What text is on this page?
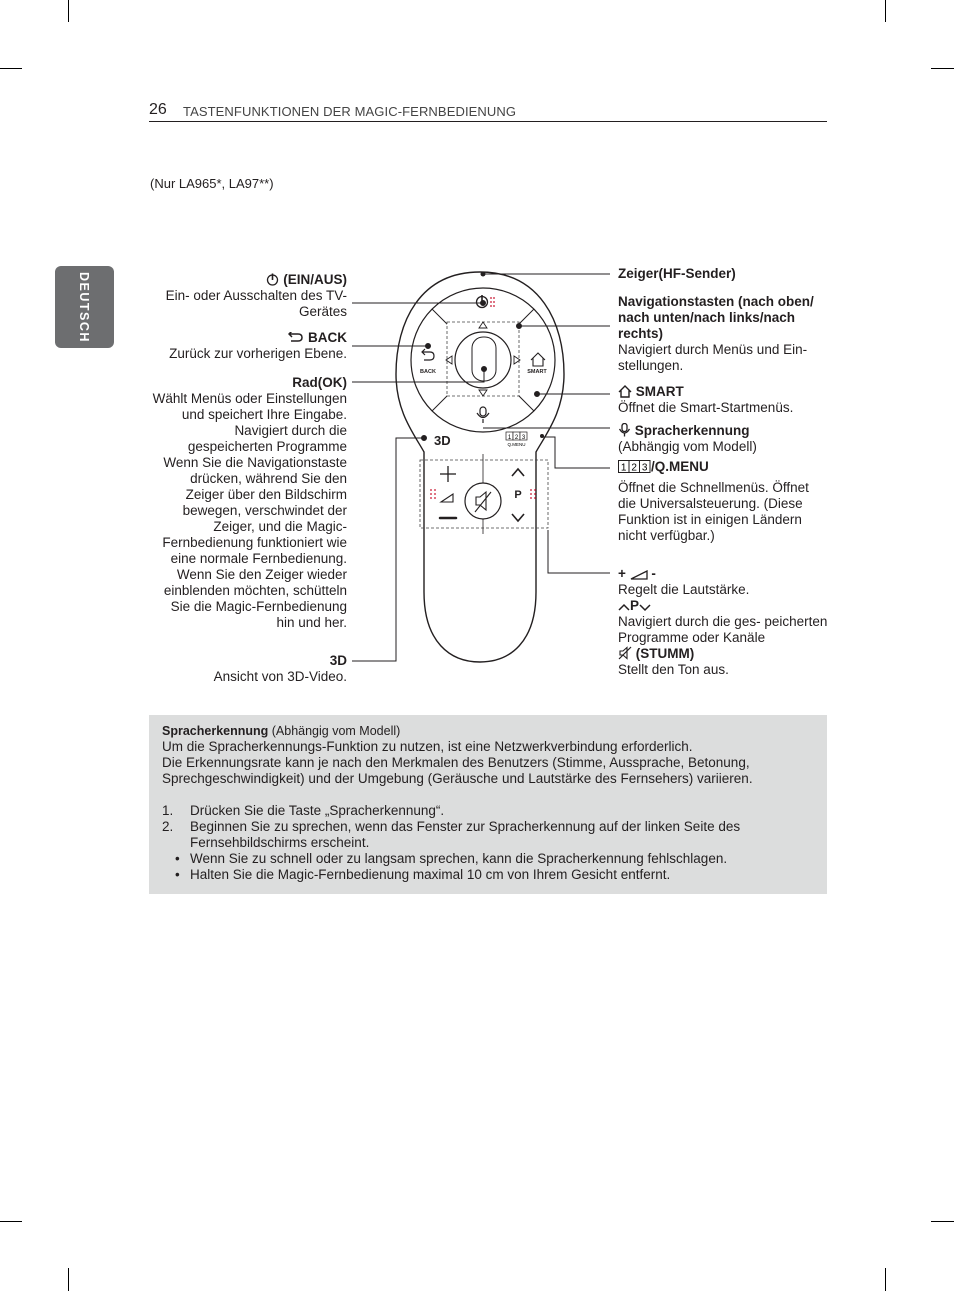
26 TASTENFUNKTIONEN DER MAGIC-FERNBEDIENUNG
DEUTSCH
(Nur LA965*, LA97**)
BACK	SMART
3D	1 2 3
Q.MENU
P
(EIN/AUS)
Ein- oder Ausschalten des TV-Gerätes
BACK
Zurück zur vorherigen Ebene.
Rad(OK)
Wählt Menüs oder Einstellungen und speichert Ihre Eingabe. Navigiert durch die gespeicherten Programme Wenn Sie die Navigationstaste drücken, während Sie den Zeiger über den Bildschirm bewegen, verschwindet der Zeiger, und die Magic-Fernbedienung funktioniert wie eine normale Fernbedienung. Wenn Sie den Zeiger wieder einblenden möchten, schütteln Sie die Magic-Fernbedienung hin und her.
3D
Ansicht von 3D-Video.
Zeiger(HF-Sender)
Navigationstasten (nach oben/ nach unten/nach links/nach rechts)
Navigiert durch Menüs und Ein- stellungen.
SMART
Öffnet die Smart-Startmenüs.
Spracherkennung
(Abhängig vom Modell)
1 2 3 /Q.MENU
Öffnet die Schnellmenüs. Öffnet die Universalsteuerung. (Diese Funktion ist in einigen Ländern nicht verfügbar.)
+ -
Regelt die Lautstärke.
P
Navigiert durch die ges- peicherten Programme oder Kanäle
(STUMM)
Stellt den Ton aus.
Spracherkennung (Abhängig vom Modell)
Um die Spracherkennungs-Funktion zu nutzen, ist eine Netzwerkverbindung erforderlich.
Die Erkennungsrate kann je nach den Merkmalen des Benutzers (Stimme, Aussprache, Betonung, Sprechgeschwindigkeit) und der Umgebung (Geräusche und Lautstärke des Fernsehers) variieren.
1. Drücken Sie die Taste „Spracherkennung“.
2. Beginnen Sie zu sprechen, wenn das Fenster zur Spracherkennung auf der linken Seite des Fernsehbildschirms erscheint.
• Wenn Sie zu schnell oder zu langsam sprechen, kann die Spracherkennung fehlschlagen.
• Halten Sie die Magic-Fernbedienung maximal 10 cm von Ihrem Gesicht entfernt.
